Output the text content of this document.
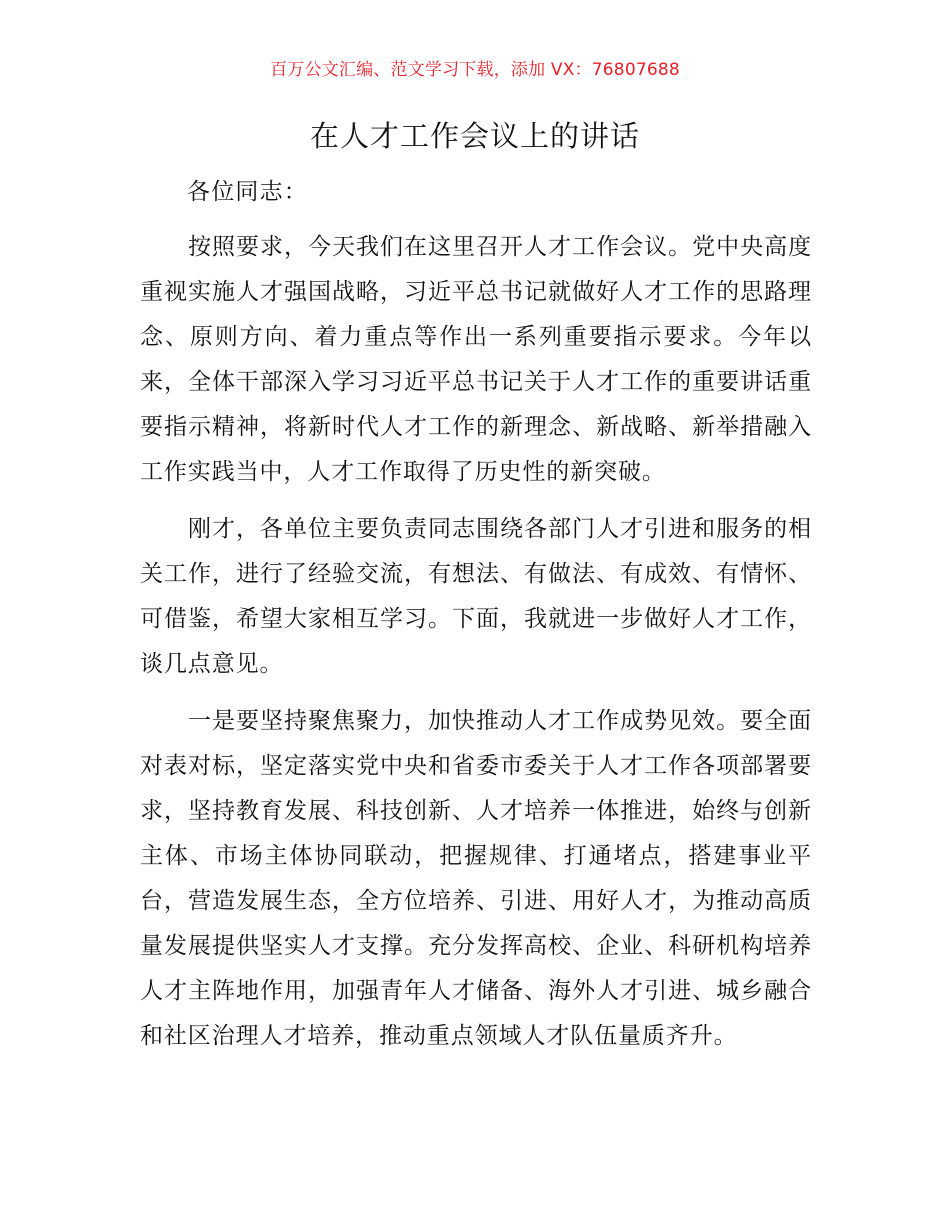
百万公文汇编、范文学习下载，添加 VX：76807688
在人才工作会议上的讲话
各位同志：

按照要求，今天我们在这里召开人才工作会议。党中央高度重视实施人才强国战略，习近平总书记就做好人才工作的思路理念、原则方向、着力重点等作出一系列重要指示要求。今年以来，全体干部深入学习习近平总书记关于人才工作的重要讲话重要指示精神，将新时代人才工作的新理念、新战略、新举措融入工作实践当中，人才工作取得了历史性的新突破。

刚才，各单位主要负责同志围绕各部门人才引进和服务的相关工作，进行了经验交流，有想法、有做法、有成效、有情怀、可借鉴，希望大家相互学习。下面，我就进一步做好人才工作，谈几点意见。

一是要坚持聚焦聚力，加快推动人才工作成势见效。要全面对表对标，坚定落实党中央和省委市委关于人才工作各项部署要求，坚持教育发展、科技创新、人才培养一体推进，始终与创新主体、市场主体协同联动，把握规律、打通堵点，搭建事业平台，营造发展生态，全方位培养、引进、用好人才，为推动高质量发展提供坚实人才支撑。充分发挥高校、企业、科研机构培养人才主阵地作用，加强青年人才储备、海外人才引进、城乡融合和社区治理人才培养，推动重点领域人才队伍量质齐升。
